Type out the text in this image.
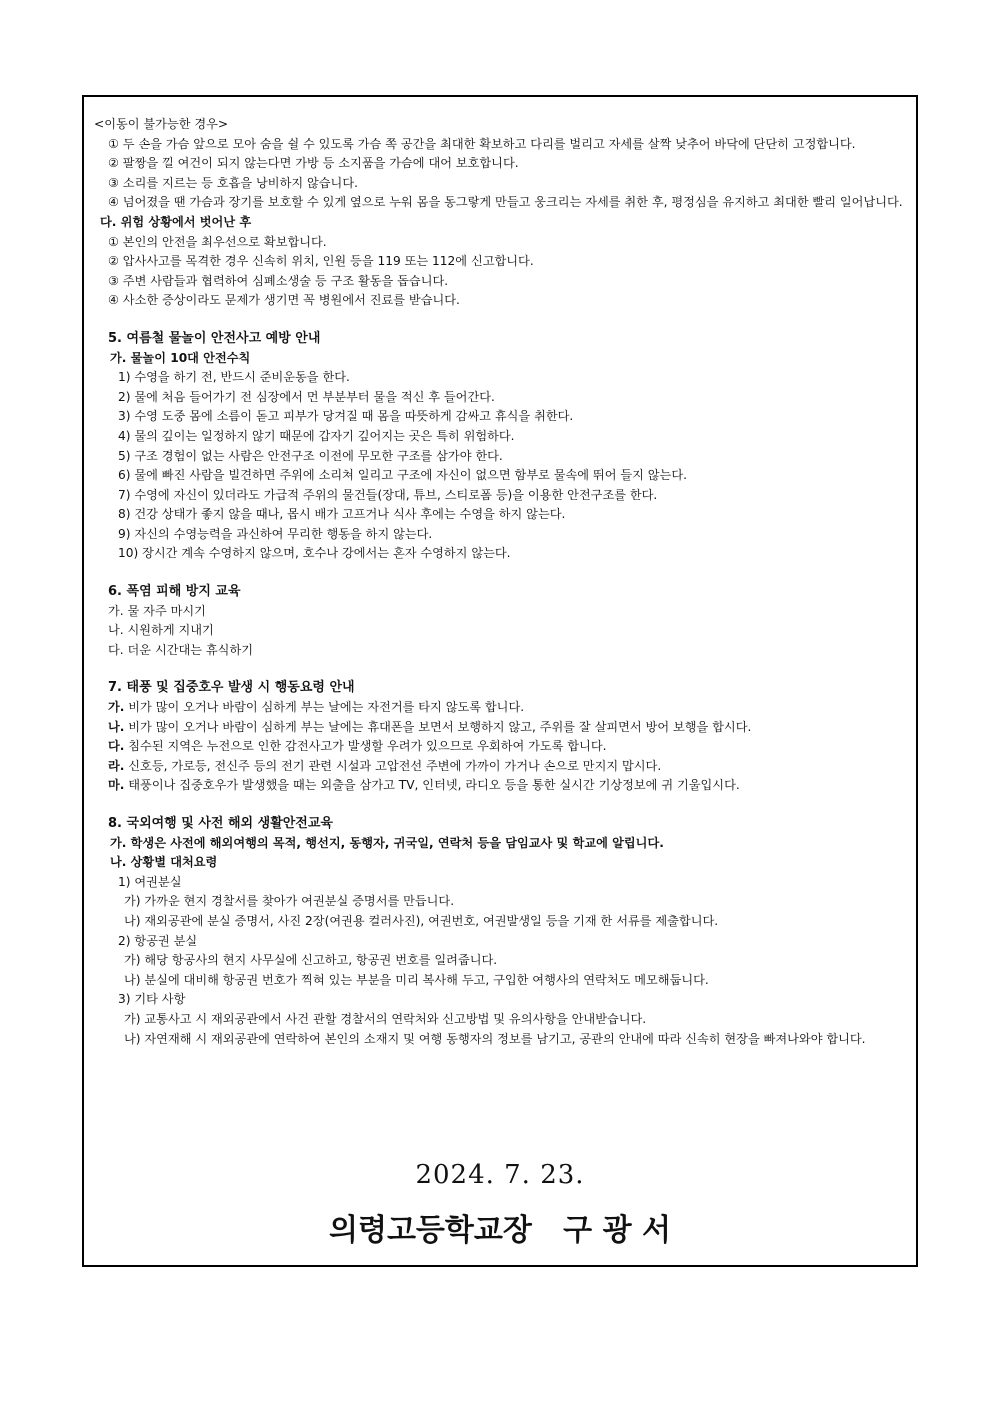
<이동이 불가능한 경우>
① 두 손을 가슴 앞으로 모아 숨을 쉴 수 있도록 가슴 쪽 공간을 최대한 확보하고 다리를 벌리고 자세를 살짝 낮추어 바닥에 단단히 고정합니다.
② 팔짱을 낄 여건이 되지 않는다면 가방 등 소지품을 가슴에 대어 보호합니다.
③ 소리를 지르는 등 호흡을 낭비하지 않습니다.
④ 넘어졌을 땐 가슴과 장기를 보호할 수 있게 옆으로 누워 몸을 동그랗게 만들고 웅크리는 자세를 취한 후, 평정심을 유지하고 최대한 빨리 일어납니다.
다. 위험 상황에서 벗어난 후
① 본인의 안전을 최우선으로 확보합니다.
② 압사사고를 목격한 경우 신속히 위치, 인원 등을 119 또는 112에 신고합니다.
③ 주변 사람들과 협력하여 심폐소생술 등 구조 활동을 돕습니다.
④ 사소한 증상이라도 문제가 생기면 꼭 병원에서 진료를 받습니다.
5. 여름철 물놀이 안전사고 예방 안내
가. 물놀이 10대 안전수칙
1) 수영을 하기 전, 반드시 준비운동을 한다.
2) 물에 처음 들어가기 전 심장에서 먼 부분부터 물을 적신 후 들어간다.
3) 수영 도중 몸에 소름이 돋고 피부가 당겨질 때 몸을 따뜻하게 감싸고 휴식을 취한다.
4) 물의 깊이는 일정하지 않기 때문에 갑자기 깊어지는 곳은 특히 위험하다.
5) 구조 경험이 없는 사람은 안전구조 이전에 무모한 구조를 삼가야 한다.
6) 물에 빠진 사람을 빌견하면 주위에 소리쳐 일리고 구조에 자신이 없으면 함부로 물속에 뛰어 들지 않는다.
7) 수영에 자신이 있더라도 가급적 주위의 물건들(장대, 튜브, 스티로폼 등)을 이용한 안전구조를 한다.
8) 건강 상태가 좋지 않을 때나, 몹시 배가 고프거나 식사 후에는 수영을 하지 않는다.
9) 자신의 수영능력을 과신하여 무리한 행동을 하지 않는다.
10) 장시간 계속 수영하지 않으며, 호수나 강에서는 혼자 수영하지 않는다.
6. 폭염 피해 방지 교육
가. 물 자주 마시기
나. 시원하게 지내기
다. 더운 시간대는 휴식하기
7. 태풍 및 집중호우 발생 시 행동요령 안내
가. 비가 많이 오거나 바람이 심하게 부는 날에는 자전거를 타지 않도록 합니다.
나. 비가 많이 오거나 바람이 심하게 부는 날에는 휴대폰을 보면서 보행하지 않고, 주위를 잘 살피면서 방어 보행을 합시다.
다. 침수된 지역은 누전으로 인한 감전사고가 발생할 우려가 있으므로 우회하여 가도록 합니다.
라. 신호등, 가로등, 전신주 등의 전기 관련 시설과 고압전선 주변에 가까이 가거나 손으로 만지지 맙시다.
마. 태풍이나 집중호우가 발생했을 때는 외출을 삼가고 TV, 인터넷, 라디오 등을 통한 실시간 기상정보에 귀 기울입시다.
8. 국외여행 및 사전 해외 생활안전교육
가. 학생은 사전에 해외여행의 목적, 행선지, 동행자, 귀국일, 연락처 등을 담임교사 및 학교에 알립니다.
나. 상황별 대처요령
1) 여권분실
가) 가까운 현지 경찰서를 찾아가 여권분실 증명서를 만듭니다.
나) 재외공관에 분실 증명서, 사진 2장(여권용 컬러사진), 여권번호, 여권발생일 등을 기재 한 서류를 제출합니다.
2) 항공권 분실
가) 해당 항공사의 현지 사무실에 신고하고, 항공권 번호를 일려줍니다.
나) 분실에 대비해 항공권 번호가 찍혀 있는 부분을 미리 복사해 두고, 구입한 여행사의 연락처도 메모해둡니다.
3) 기타 사항
가) 교통사고 시 재외공관에서 사건 관할 경찰서의 연락처와 신고방법 및 유의사항을 안내받습니다.
나) 자연재해 시 재외공관에 연락하여 본인의 소재지 및 여행 동행자의 정보를 남기고, 공관의 안내에 따라 신속히 현장을 빠져나와야 합니다.
2024. 7. 23.
의령고등학교장   구 광 서
